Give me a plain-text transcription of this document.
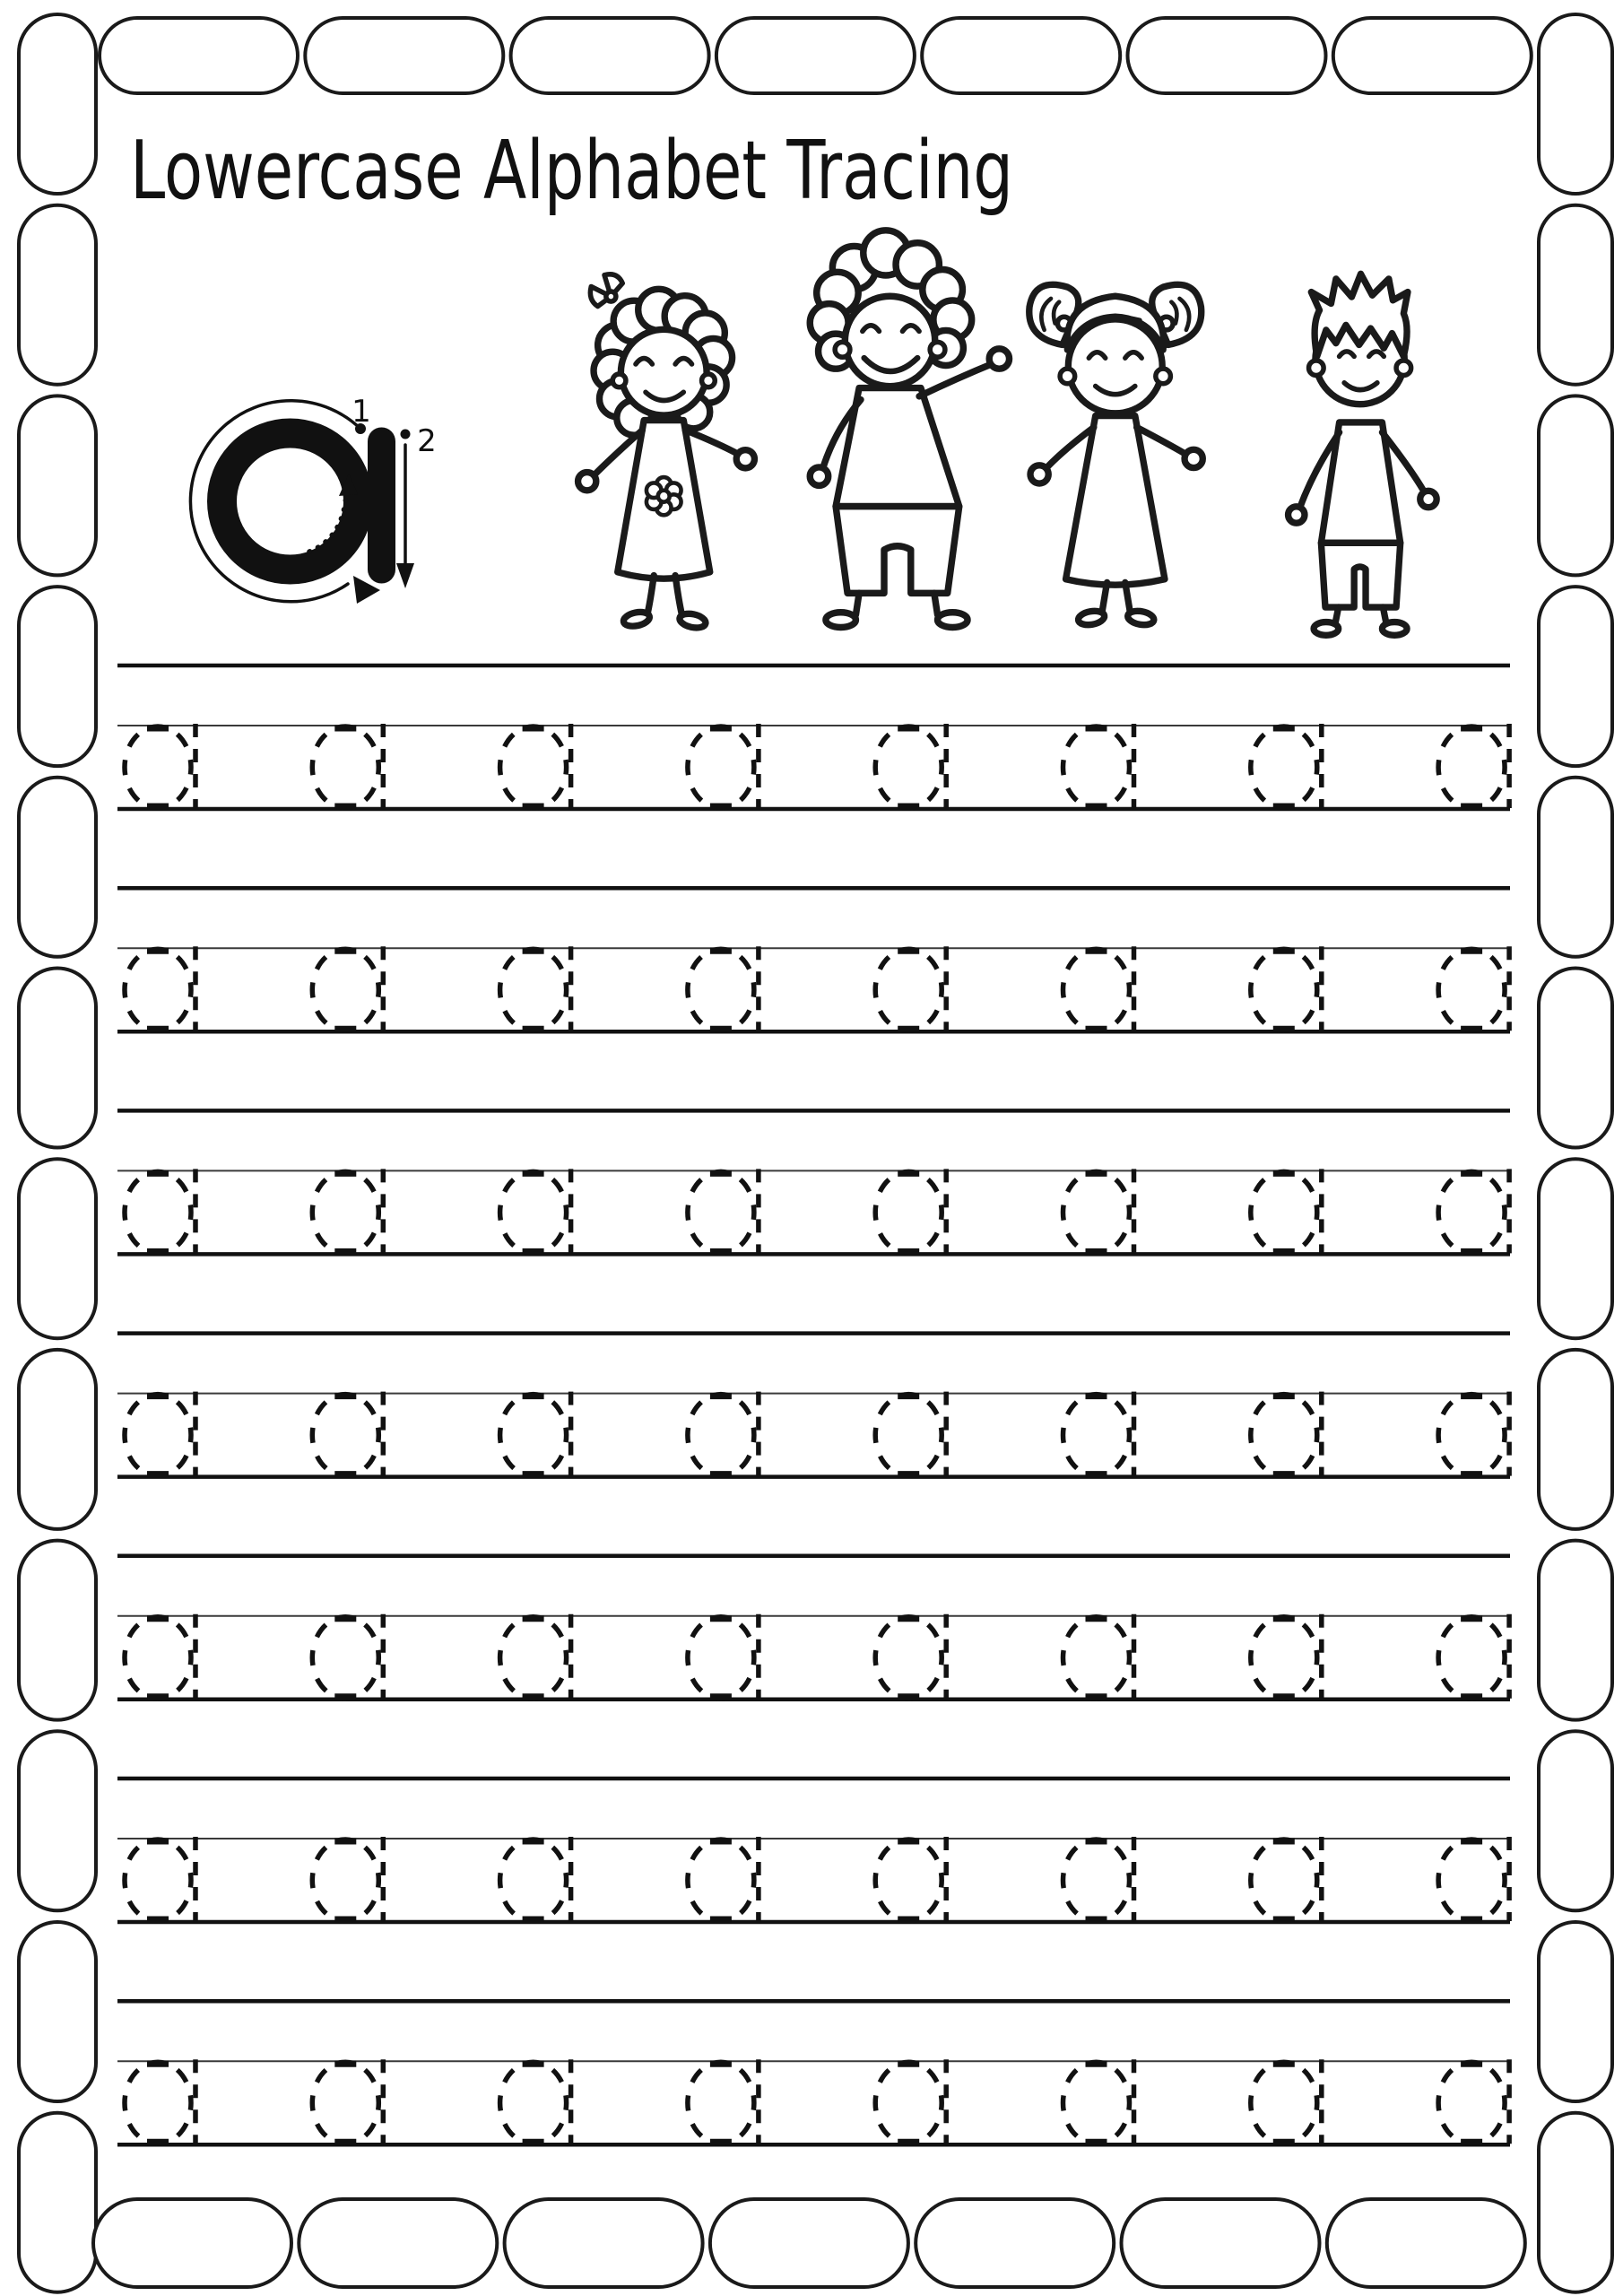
Lowercase Alphabet Tracing
1
2
